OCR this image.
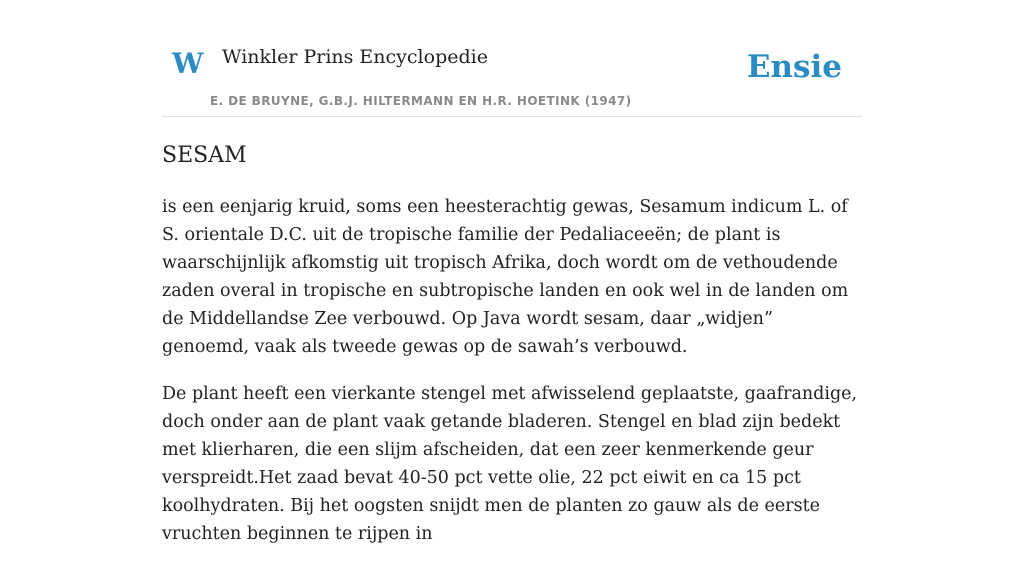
W Winkler Prins Encyclopedie
E. DE BRUYNE, G.B.J. HILTERMANN EN H.R. HOETINK (1947)
Ensie
SESAM

is een eenjarig kruid, soms een heesterachtig gewas, Sesamum indicum L. of S. orientale D.C. uit de tropische familie der Pedaliaceeën; de plant is waarschijnlijk afkomstig uit tropisch Afrika, doch wordt om de vethoudende zaden overal in tropische en subtropische landen en ook wel in de landen om de Middellandse Zee verbouwd. Op Java wordt sesam, daar „widjen” genoemd, vaak als tweede gewas op de sawah’s verbouwd.

De plant heeft een vierkante stengel met afwisselend geplaatste, gaafrandige, doch onder aan de plant vaak getande bladeren. Stengel en blad zijn bedekt met klierharen, die een slijm afscheiden, dat een zeer kenmerkende geur verspreidt.Het zaad bevat 40-50 pct vette olie, 22 pct eiwit en ca 15 pct koolhydraten. Bij het oogsten snijdt men de planten zo gauw als de eerste vruchten beginnen te rijpen in
